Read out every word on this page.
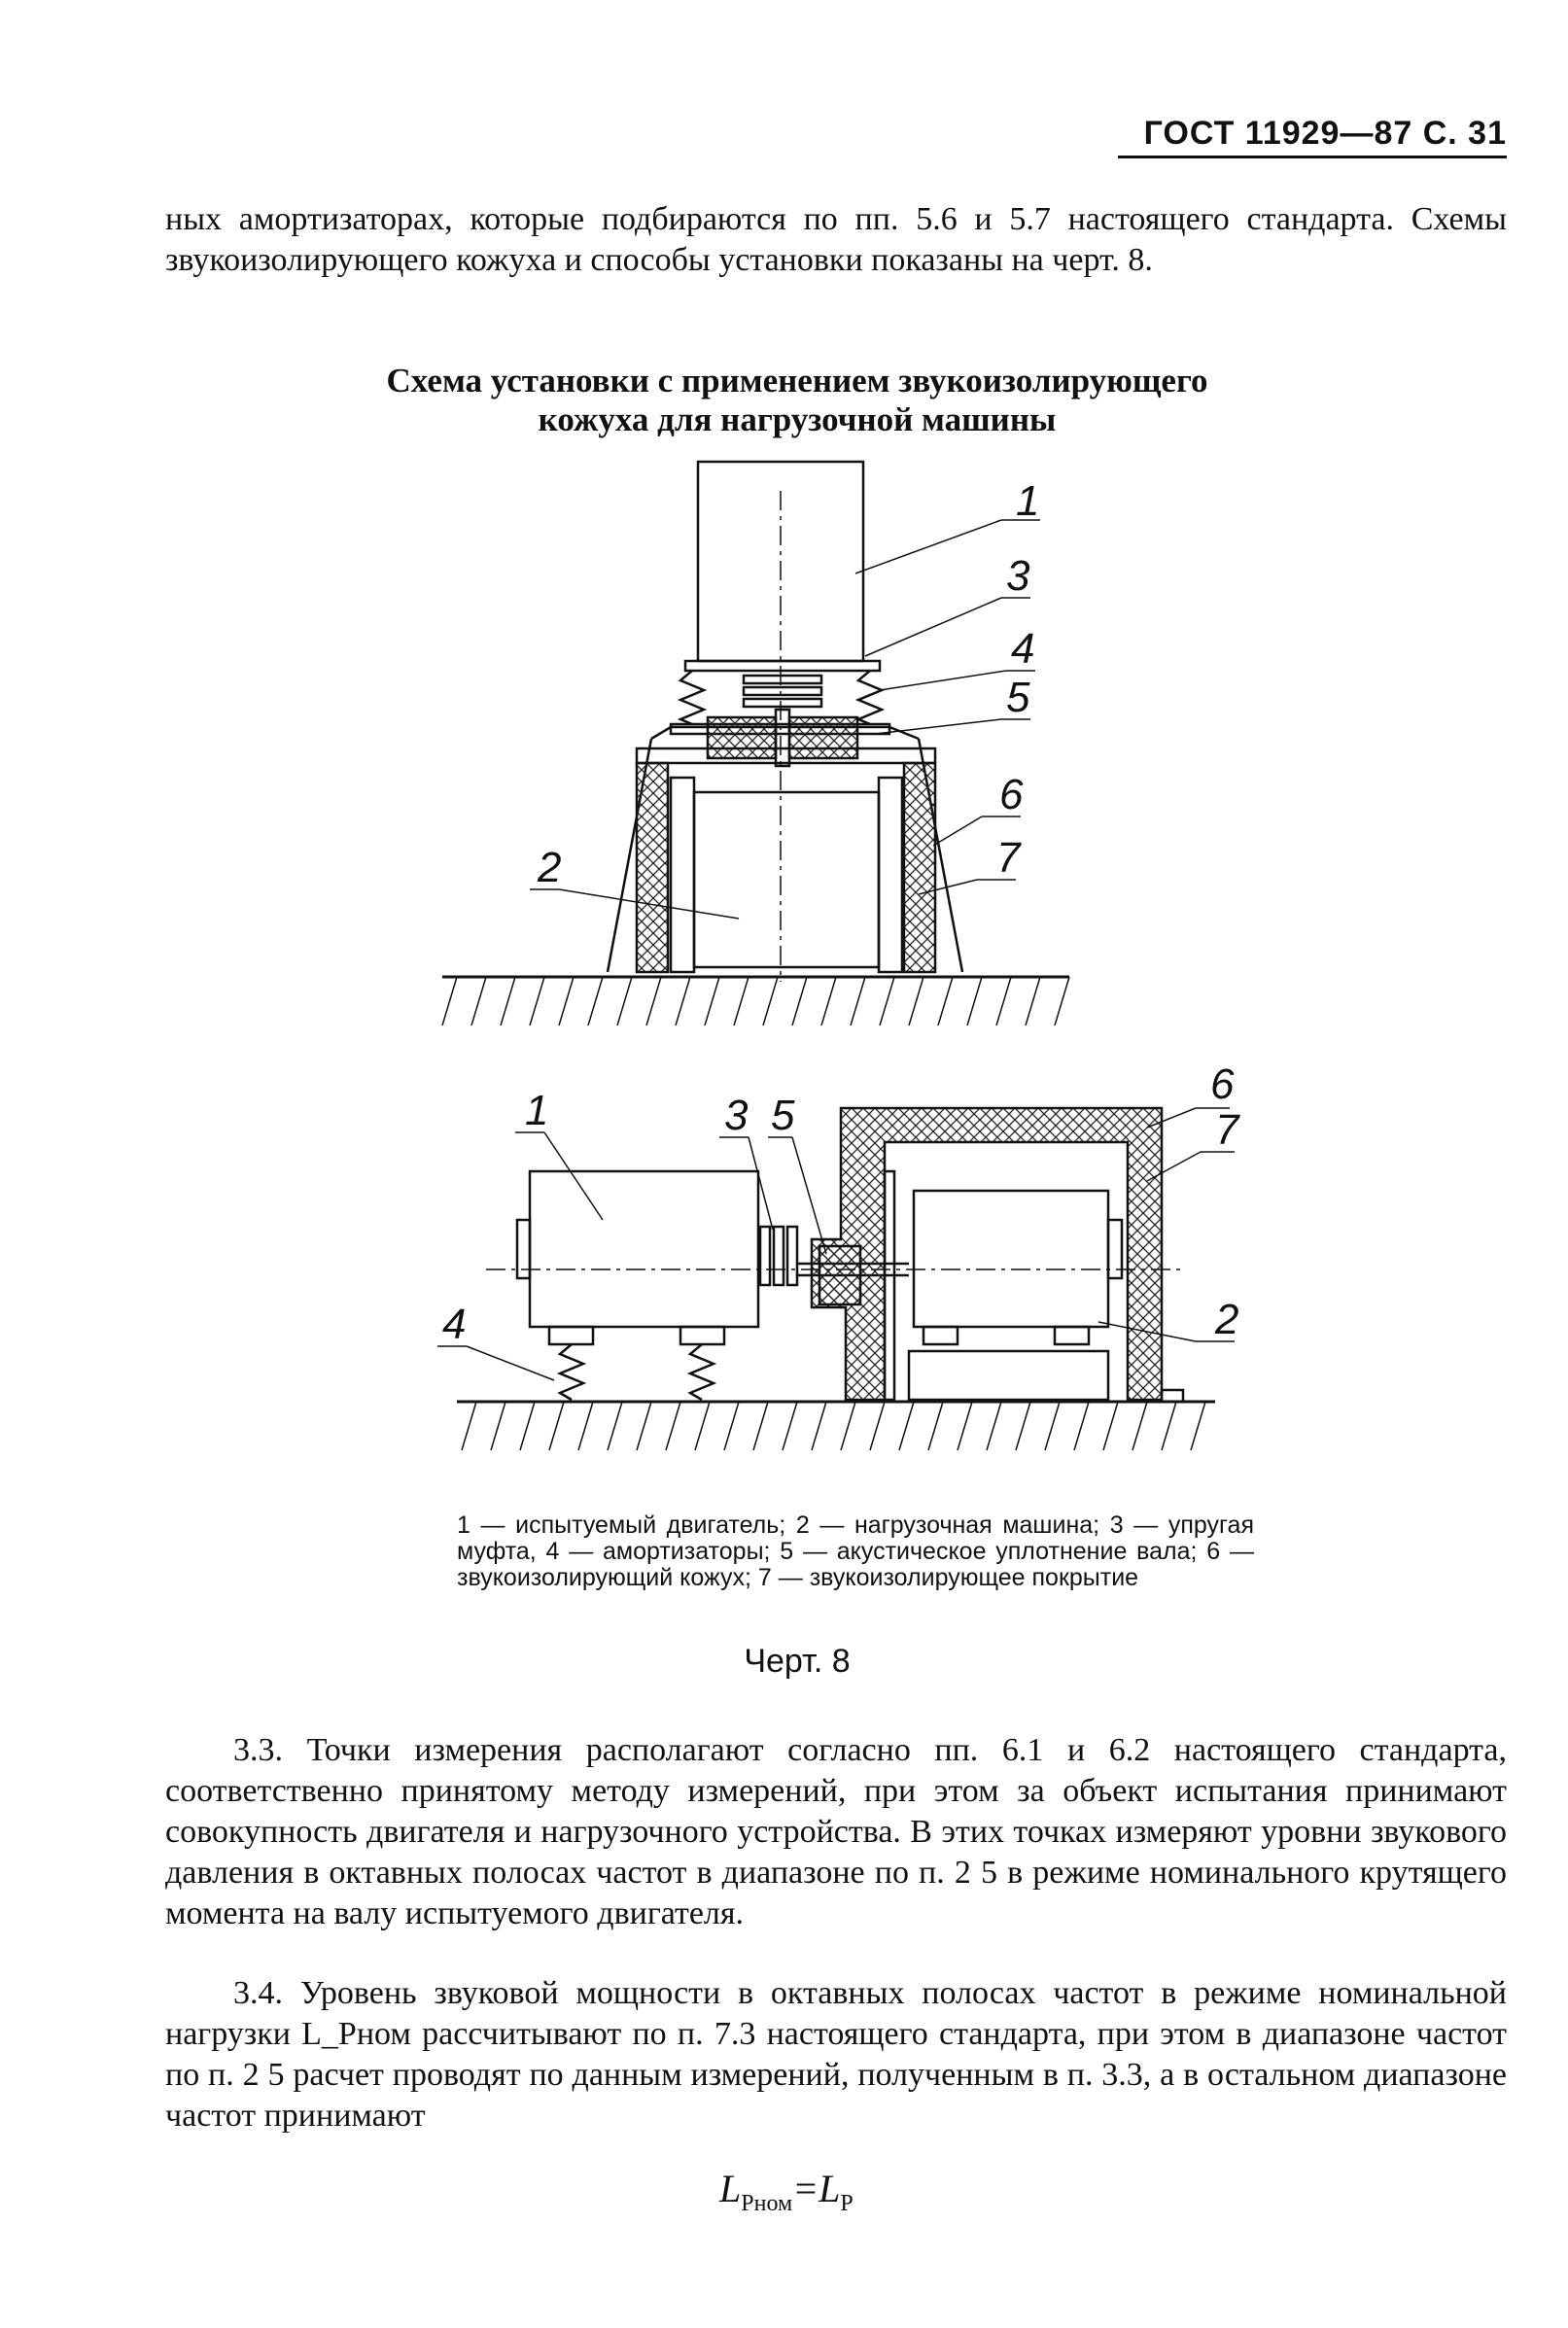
ГОСТ 11929—87 С. 31

ных амортизаторах, которые подбираются по пп. 5.6 и 5.7 настоящего стандарта. Схемы звукоизолирующего кожуха и способы установки показаны на черт. 8.

Схема установки с применением звукоизолирующего
кожуха для нагрузочной машины
1
3
4
5
6
7
2
1	3 5
6
7
2
4

1 — испытуемый двигатель; 2 — нагрузочная машина; 3 — упругая муфта, 4 — амортизаторы; 5 — акустическое уплотнение вала; 6 — звукоизолирующий кожух; 7 — звукоизолирующее покрытие

Черт. 8

3.3. Точки измерения располагают согласно пп. 6.1 и 6.2 настоящего стандарта, соответственно принятому методу измерений, при этом за объект испытания принимают совокупность двигателя и нагрузочного устройства. В этих точках измеряют уровни звукового давления в октавных полосах частот в диапазоне по п. 2 5 в режиме номинального крутящего момента на валу испытуемого двигателя.

3.4. Уровень звуковой мощности в октавных полосах частот в режиме номинальной нагрузки L_Pном рассчитывают по п. 7.3 настоящего стандарта, при этом в диапазоне частот по п. 2 5 расчет проводят по данным измерений, полученным в п. 3.3, а в остальном диапазоне частот принимают

$L_{Pном}=L_P$
